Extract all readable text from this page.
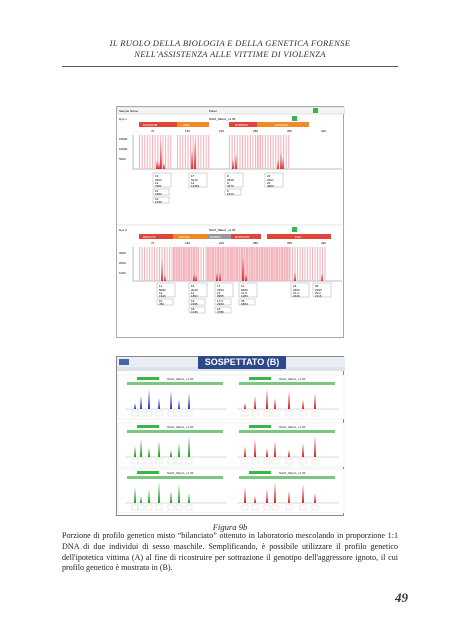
IL RUOLO DELLA BIOLOGIA E DELLA GENETICA FORENSE
NELL'ASSISTENZA ALLE VITTIME DI VIOLENZA
Sample Name	Panel
Dye 1	NGM_SElect_v1.05
D10S1248	vWA	D16S539	D2S1338
70	140	210	280	350	420
15000
10000
5000
13
2624
12
7951
15
1962
16
1639
17
5212
14
13361
8
2818
9
4379
9
1513
23
2627
23
4960
Dye 2	NGM_SElect_v1.05
D8S1179	D21S11	D18S51	D22S1045	FGA
70	140	210	280	350	420
3000
2000
1000
11
8092
12
1943
10
350
16
2010
11
1863
14
1995
18
1239
17
2254
13
3955
17.3
2384
16
2788
11
9484
11.3
1283
78
1884
18
2563
21.2
2349
36
1994
29.2
2116
NGM_SElect_v1.05	NGM_SElect_v1.05
NGM_SElect_v1.05	NGM_SElect_v1.05
NGM_SElect_v1.05	NGM_SElect_v1.05
SOSPETTATO (B)
Figura 9b
Porzione di profilo genetico misto “bilanciato” ottenuto in laboratorio mescolando in proporzione 1:1 DNA di due individui di sesso maschile. Semplificando, è possibile utilizzare il profilo genetico dell'ipotetica vittima (A) al fine di ricostruire per sottrazione il genotipo dell'aggressore ignoto, il cui profilo genetico è mostrato in (B).
49
